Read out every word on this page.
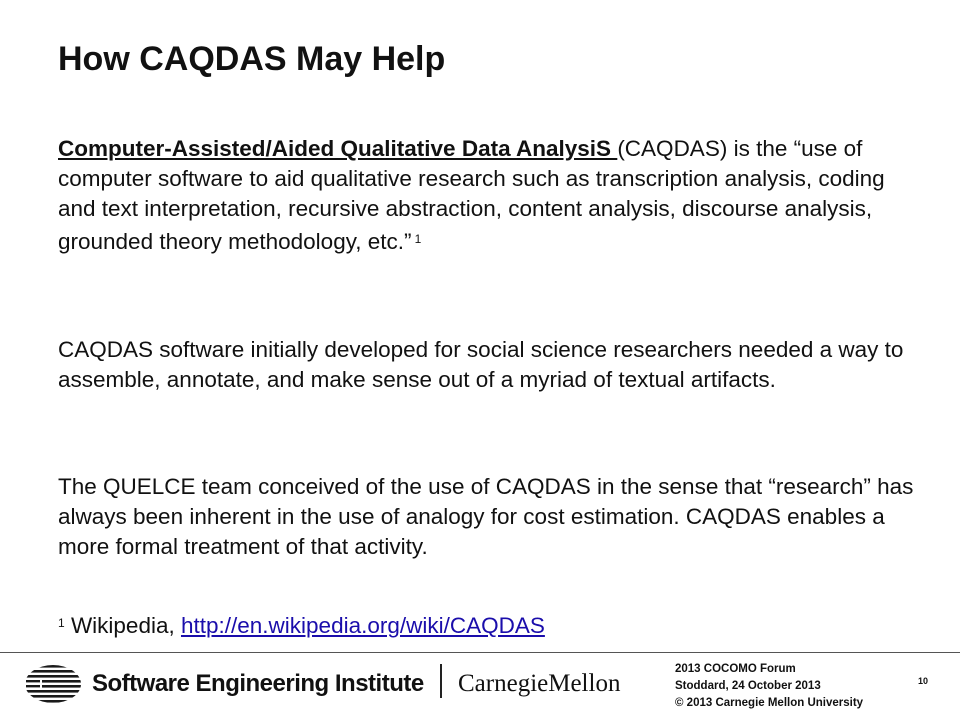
How CAQDAS May Help

Computer-Assisted/Aided Qualitative Data AnalysiS (CAQDAS) is the “use of computer software to aid qualitative research such as transcription analysis, coding and text interpretation, recursive abstraction, content analysis, discourse analysis, grounded theory methodology, etc.” $^1$

CAQDAS software initially developed for social science researchers needed a way to assemble, annotate, and make sense out of a myriad of textual artifacts.

The QUELCE team conceived of the use of CAQDAS in the sense that “research” has always been inherent in the use of analogy for cost estimation. CAQDAS enables a more formal treatment of that activity.

$^1$ Wikipedia, http://en.wikipedia.org/wiki/CAQDAS

Software Engineering Institute CarnegieMellon
2013 COCOMO Forum
Stoddard, 24 October 2013
© 2013 Carnegie Mellon University
10
